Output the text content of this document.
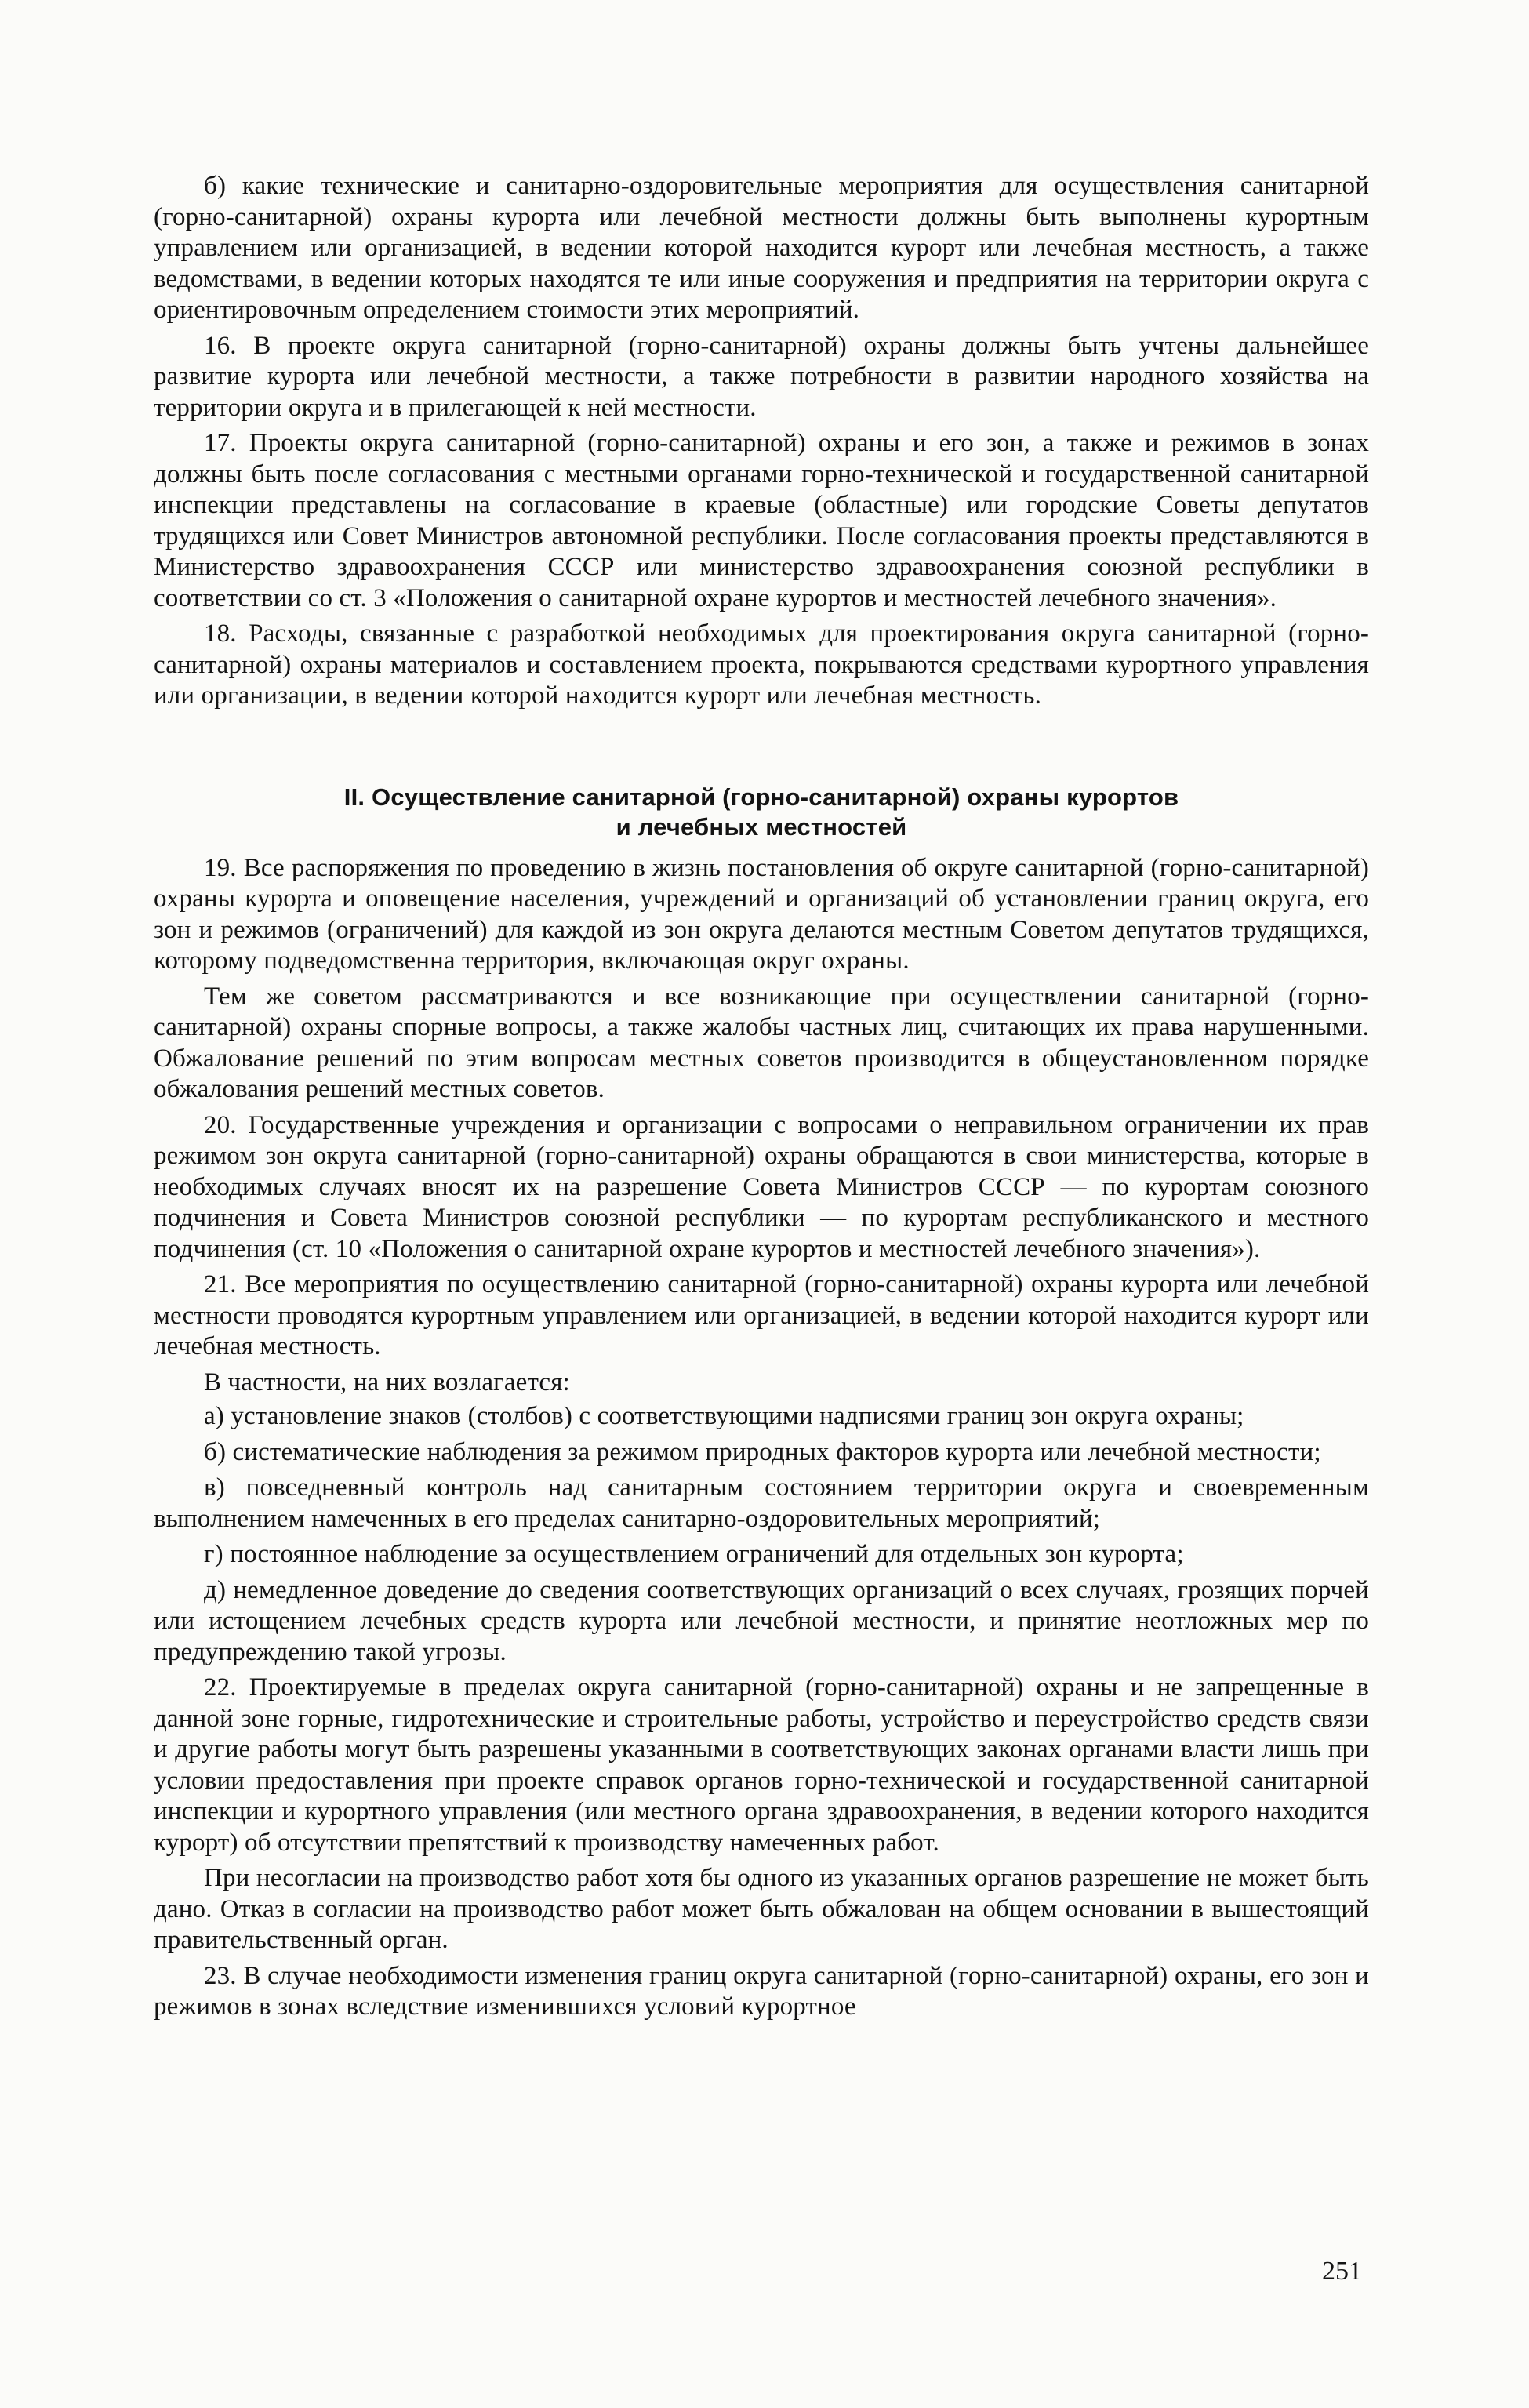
б) какие технические и санитарно-оздоровительные мероприятия для осуществления санитарной (горно-санитарной) охраны курорта или лечебной местности должны быть выполнены курортным управлением или организацией, в ведении которой находится курорт или лечебная местность, а также ведомствами, в ведении которых находятся те или иные сооружения и предприятия на территории округа с ориентировочным определением стоимости этих мероприятий.

16. В проекте округа санитарной (горно-санитарной) охраны должны быть учтены дальнейшее развитие курорта или лечебной местности, а также потребности в развитии народного хозяйства на территории округа и в прилегающей к ней местности.

17. Проекты округа санитарной (горно-санитарной) охраны и его зон, а также и режимов в зонах должны быть после согласования с местными органами горно-технической и государственной санитарной инспекции представлены на согласование в краевые (областные) или городские Советы депутатов трудящихся или Совет Министров автономной республики. После согласования проекты представляются в Министерство здравоохранения СССР или министерство здравоохранения союзной республики в соответствии со ст. 3 «Положения о санитарной охране курортов и местностей лечебного значения».

18. Расходы, связанные с разработкой необходимых для проектирования округа санитарной (горно-санитарной) охраны материалов и составлением проекта, покрываются средствами курортного управления или организации, в ведении которой находится курорт или лечебная местность.

II. Осуществление санитарной (горно-санитарной) охраны курортов
и лечебных местностей

19. Все распоряжения по проведению в жизнь постановления об округе санитарной (горно-санитарной) охраны курорта и оповещение населения, учреждений и организаций об установлении границ округа, его зон и режимов (ограничений) для каждой из зон округа делаются местным Советом депутатов трудящихся, которому подведомственна территория, включающая округ охраны.

Тем же советом рассматриваются и все возникающие при осуществлении санитарной (горно-санитарной) охраны спорные вопросы, а также жалобы частных лиц, считающих их права нарушенными. Обжалование решений по этим вопросам местных советов производится в общеустановленном порядке обжалования решений местных советов.

20. Государственные учреждения и организации с вопросами о неправильном ограничении их прав режимом зон округа санитарной (горно-санитарной) охраны обращаются в свои министерства, которые в необходимых случаях вносят их на разрешение Совета Министров СССР — по курортам союзного подчинения и Совета Министров союзной республики — по курортам республиканского и местного подчинения (ст. 10 «Положения о санитарной охране курортов и местностей лечебного значения»).

21. Все мероприятия по осуществлению санитарной (горно-санитарной) охраны курорта или лечебной местности проводятся курортным управлением или организацией, в ведении которой находится курорт или лечебная местность.

В частности, на них возлагается:

а) установление знаков (столбов) с соответствующими надписями границ зон округа охраны;

б) систематические наблюдения за режимом природных факторов курорта или лечебной местности;

в) повседневный контроль над санитарным состоянием территории округа и своевременным выполнением намеченных в его пределах санитарно-оздоровительных мероприятий;

г) постоянное наблюдение за осуществлением ограничений для отдельных зон курорта;

д) немедленное доведение до сведения соответствующих организаций о всех случаях, грозящих порчей или истощением лечебных средств курорта или лечебной местности, и принятие неотложных мер по предупреждению такой угрозы.

22. Проектируемые в пределах округа санитарной (горно-санитарной) охраны и не запрещенные в данной зоне горные, гидротехнические и строительные работы, устройство и переустройство средств связи и другие работы могут быть разрешены указанными в соответствующих законах органами власти лишь при условии предоставления при проекте справок органов горно-технической и государственной санитарной инспекции и курортного управления (или местного органа здравоохранения, в ведении которого находится курорт) об отсутствии препятствий к производству намеченных работ.

При несогласии на производство работ хотя бы одного из указанных органов разрешение не может быть дано. Отказ в согласии на производство работ может быть обжалован на общем основании в вышестоящий правительственный орган.

23. В случае необходимости изменения границ округа санитарной (горно-санитарной) охраны, его зон и режимов в зонах вследствие изменившихся условий курортное

251
